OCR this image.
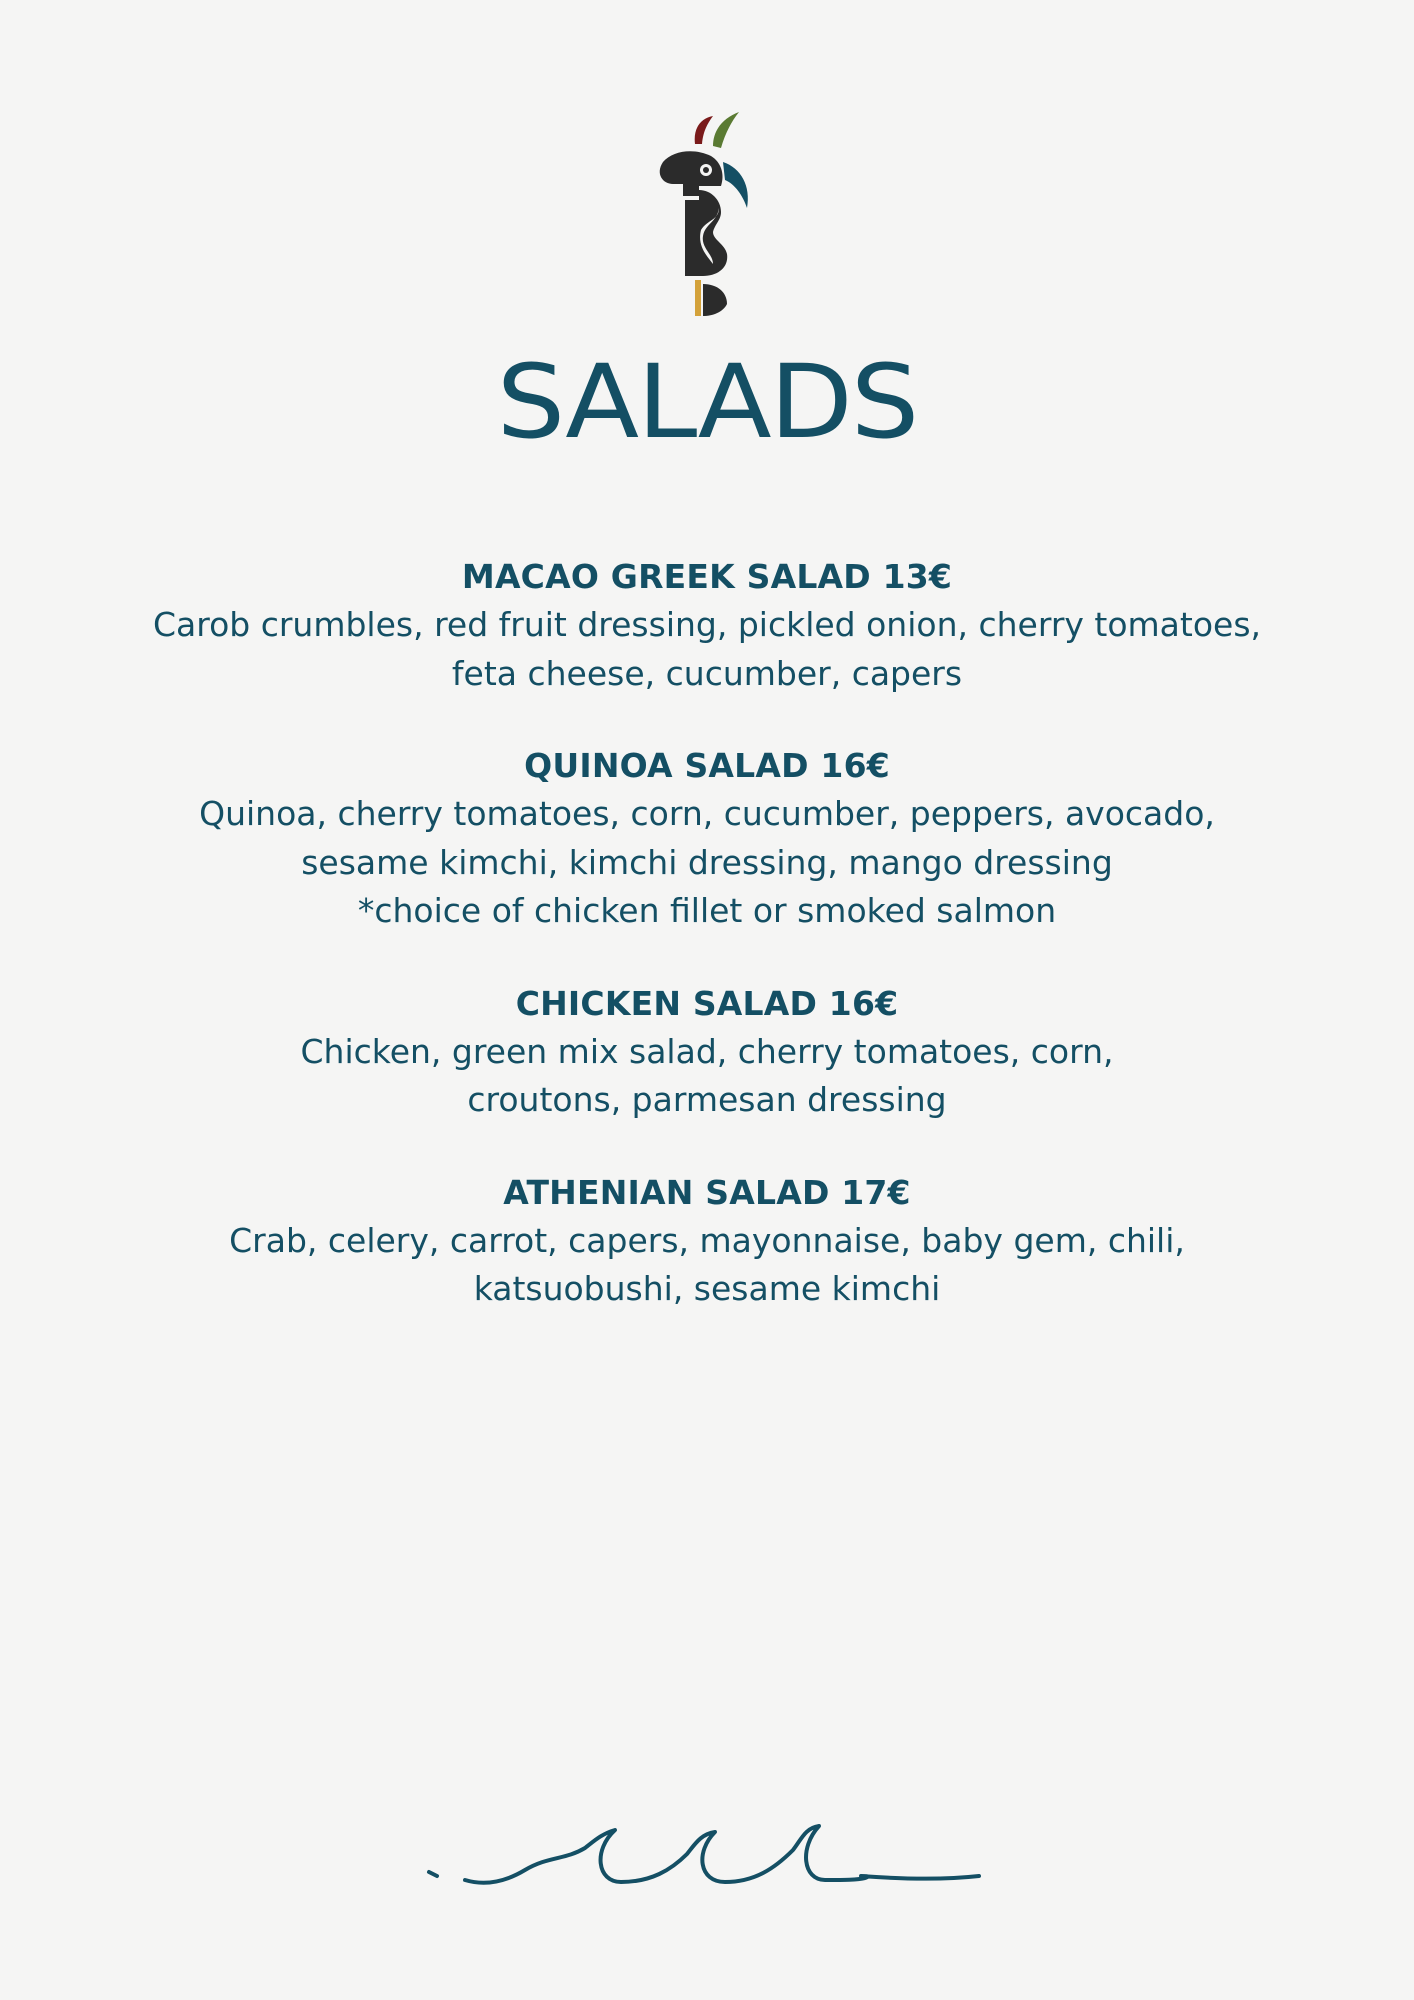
SALADS
MACAO GREEK SALAD 13€
Carob crumbles, red fruit dressing, pickled onion, cherry tomatoes,
feta cheese, cucumber, capers
QUINOA SALAD 16€
Quinoa, cherry tomatoes, corn, cucumber, peppers, avocado,
sesame kimchi, kimchi dressing, mango dressing
*choice of chicken fillet or smoked salmon
CHICKEN SALAD 16€
Chicken, green mix salad, cherry tomatoes, corn,
croutons, parmesan dressing
ATHENIAN SALAD 17€
Crab, celery, carrot, capers, mayonnaise, baby gem, chili,
katsuobushi, sesame kimchi
